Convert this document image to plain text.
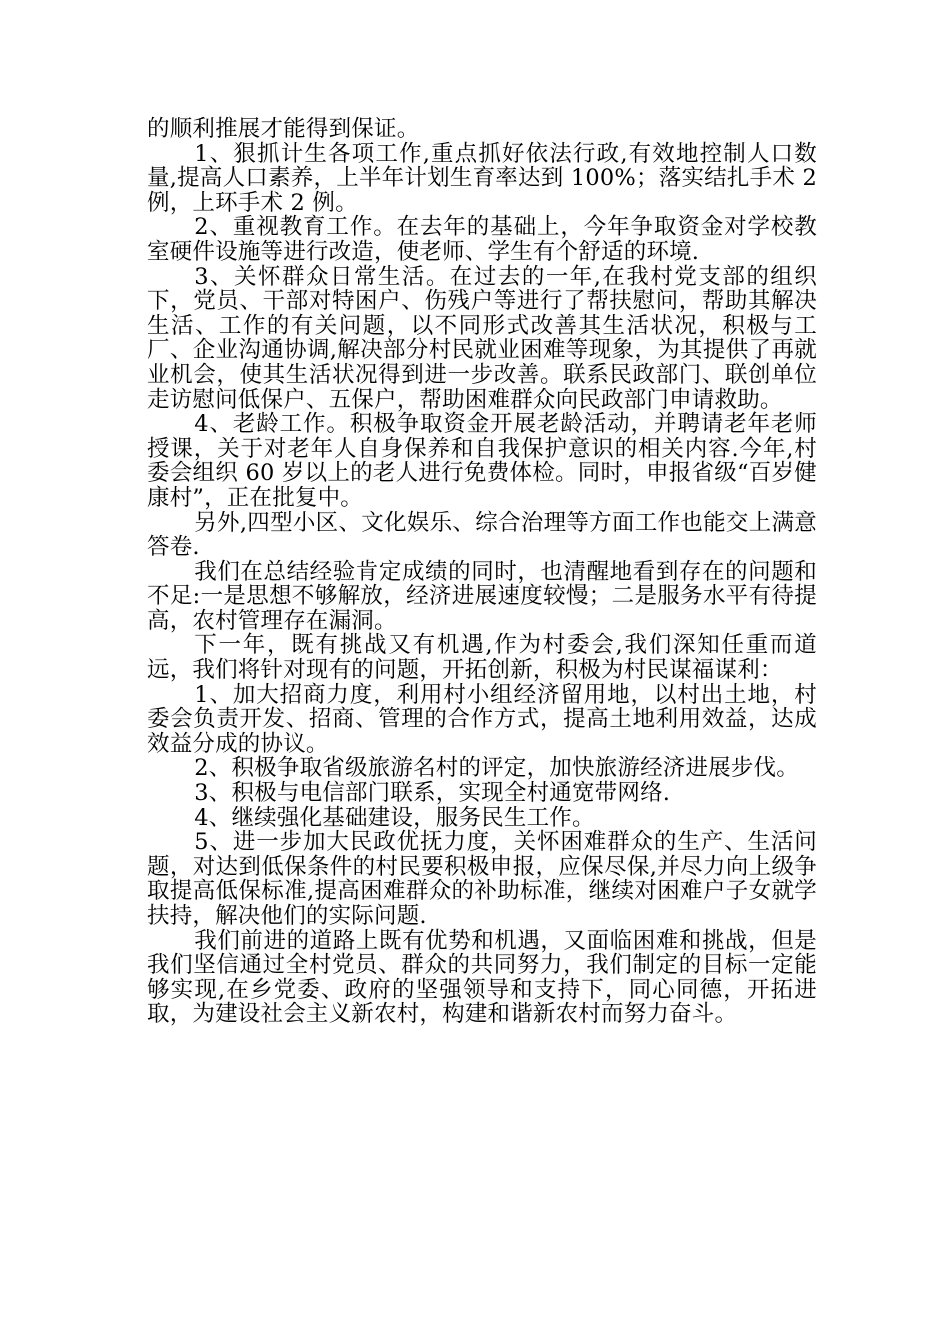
的顺利推展才能得到保证。

1、狠抓计生各项工作,重点抓好依法行政,有效地控制人口数量,提高人口素养，上半年计划生育率达到 100%；落实结扎手术 2 例，上环手术 2 例。

2、重视教育工作。在去年的基础上，今年争取资金对学校教室硬件设施等进行改造，使老师、学生有个舒适的环境.

3、关怀群众日常生活。在过去的一年,在我村党支部的组织下，党员、干部对特困户、伤残户等进行了帮扶慰问，帮助其解决生活、工作的有关问题，以不同形式改善其生活状况，积极与工厂、企业沟通协调,解决部分村民就业困难等现象，为其提供了再就业机会，使其生活状况得到进一步改善。联系民政部门、联创单位走访慰问低保户、五保户，帮助困难群众向民政部门申请救助。

4、老龄工作。积极争取资金开展老龄活动，并聘请老年老师授课，关于对老年人自身保养和自我保护意识的相关内容.今年,村委会组织 60 岁以上的老人进行免费体检。同时，申报省级“百岁健康村”，正在批复中。

另外,四型小区、文化娱乐、综合治理等方面工作也能交上满意答卷.

我们在总结经验肯定成绩的同时，也清醒地看到存在的问题和不足:一是思想不够解放，经济进展速度较慢；二是服务水平有待提高，农村管理存在漏洞。

下一年，既有挑战又有机遇,作为村委会,我们深知任重而道远，我们将针对现有的问题，开拓创新，积极为村民谋福谋利：

1、加大招商力度，利用村小组经济留用地，以村出土地，村委会负责开发、招商、管理的合作方式，提高土地利用效益，达成效益分成的协议。

2、积极争取省级旅游名村的评定，加快旅游经济进展步伐。

3、积极与电信部门联系，实现全村通宽带网络.

4、继续强化基础建设，服务民生工作。

5、进一步加大民政优抚力度，关怀困难群众的生产、生活问题，对达到低保条件的村民要积极申报，应保尽保,并尽力向上级争取提高低保标准,提高困难群众的补助标准，继续对困难户子女就学扶持，解决他们的实际问题.

我们前进的道路上既有优势和机遇，又面临困难和挑战，但是我们坚信通过全村党员、群众的共同努力，我们制定的目标一定能够实现,在乡党委、政府的坚强领导和支持下，同心同德，开拓进取，为建设社会主义新农村，构建和谐新农村而努力奋斗。
